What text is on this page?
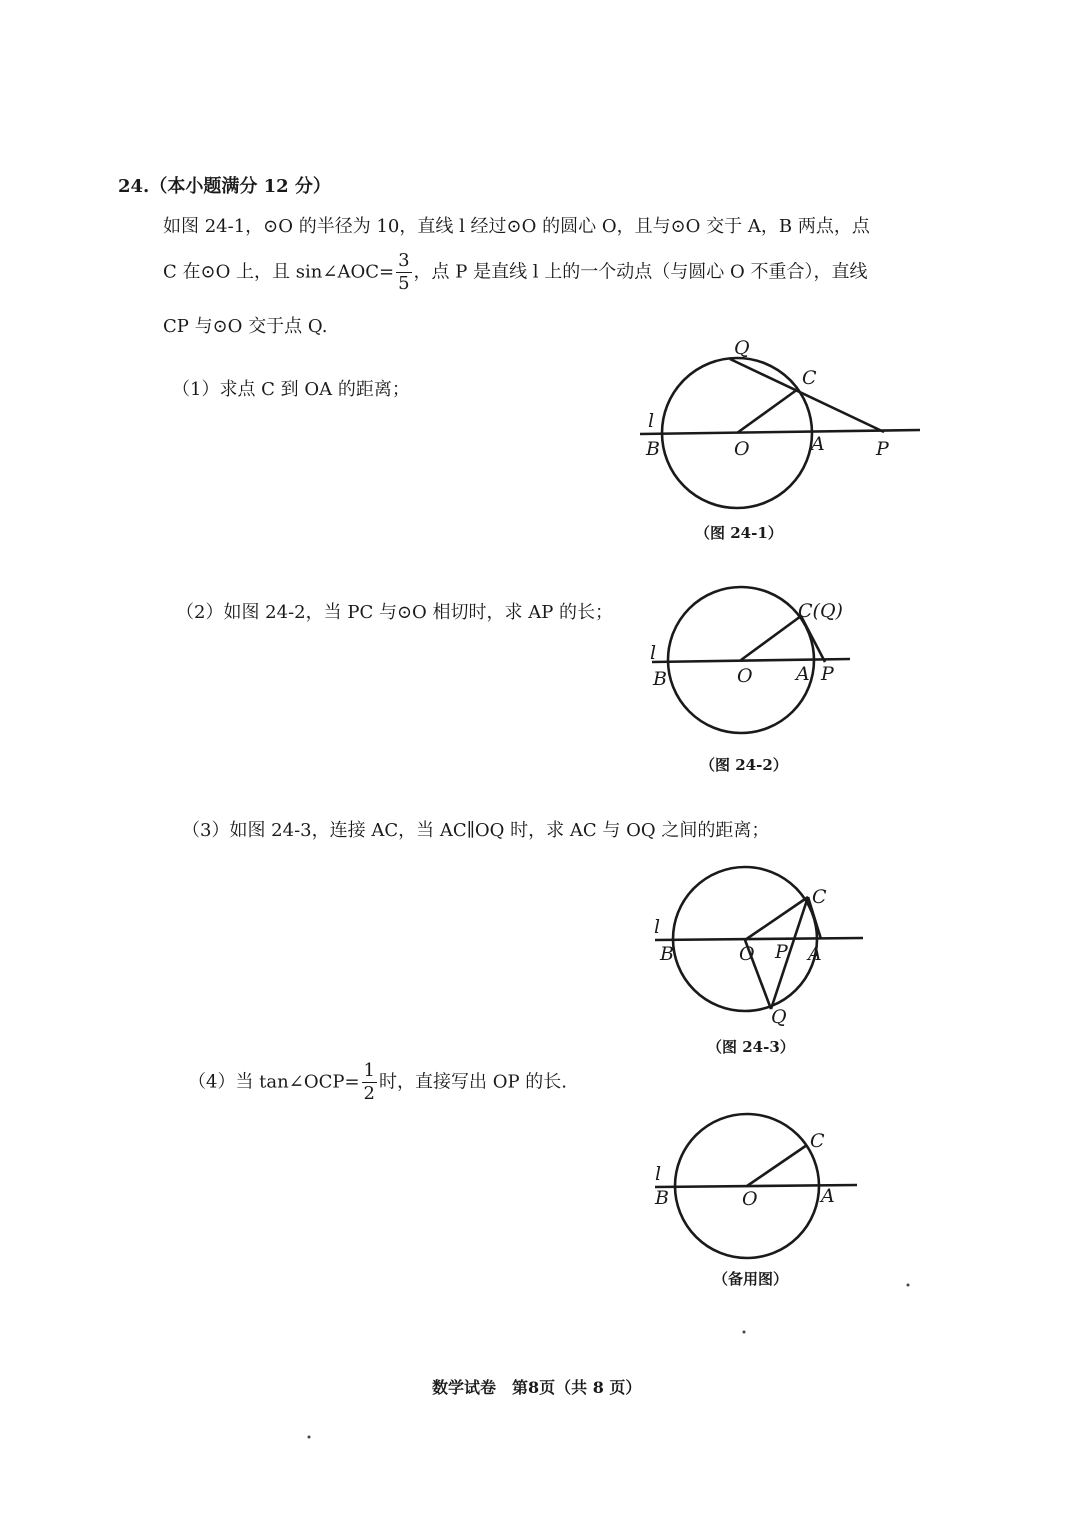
24.（本小题满分 12 分）
如图 24-1，⊙O 的半径为 10，直线 l 经过⊙O 的圆心 O，且与⊙O 交于 A，B 两点，点
C 在⊙O 上，且 sin∠AOC= $\frac{3}{5}$ ，点 P 是直线 l 上的一个动点（与圆心 O 不重合），直线
CP 与⊙O 交于点 Q.
（1）求点 C 到 OA 的距离；
（2）如图 24-2，当 PC 与⊙O 相切时，求 AP 的长；
（3）如图 24-3，连接 AC，当 AC∥OQ 时，求 AC 与 OQ 之间的距离；
（4）当 tan∠OCP= $\frac{1}{2}$ 时，直接写出 OP 的长.
Q
C
l
B	O	A	P
（图 24-1）
C(Q)
l
B	O A P
（图 24-2）
C
l
B	O P A
Q
（图 24-3）
C
l
B	O	A
（备用图）
数学试卷　第8页（共 8 页）
